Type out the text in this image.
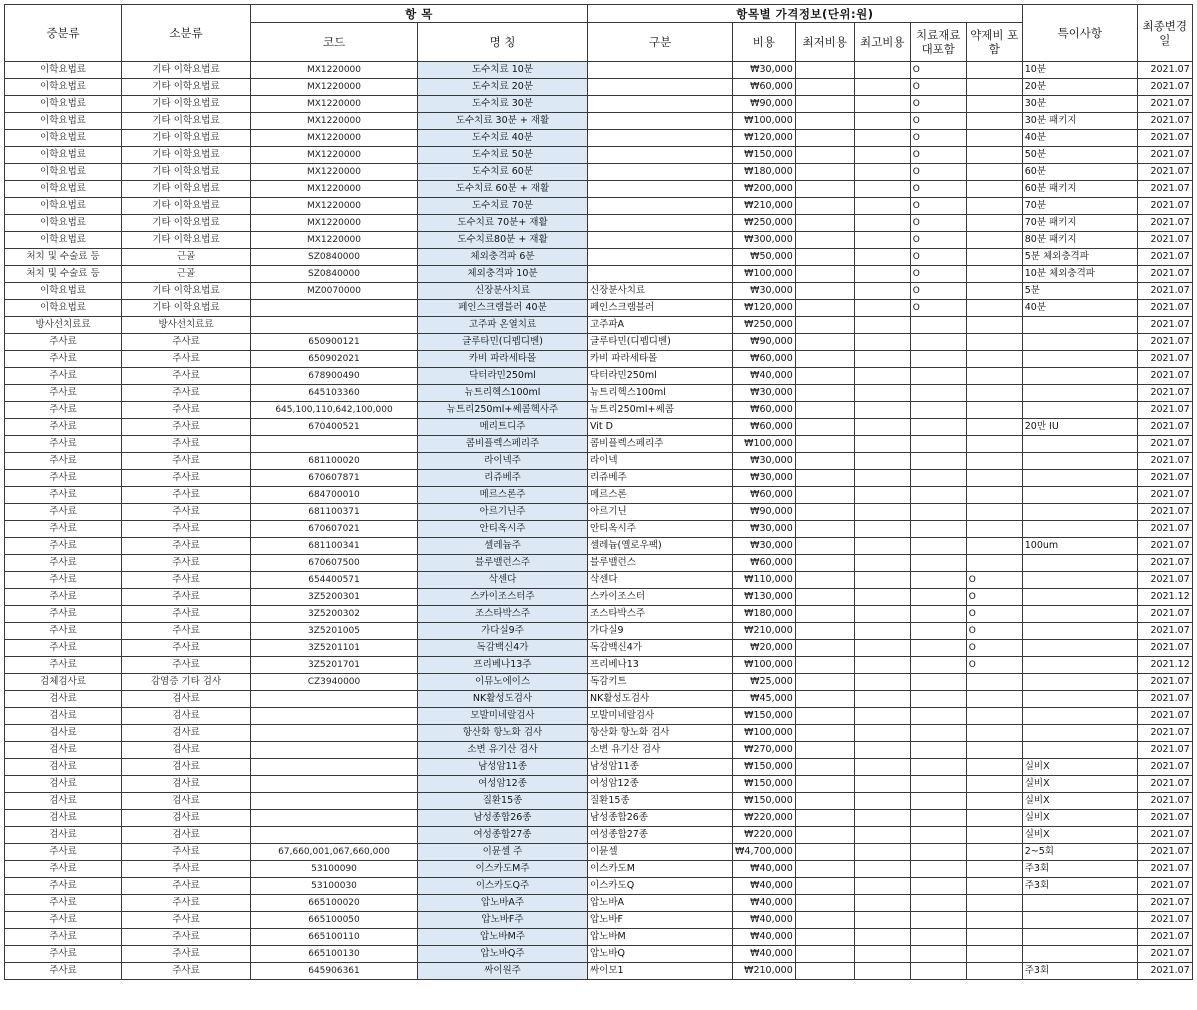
중분류	소분류	항 목		항목별 가격정보(단위:원)						특이사항	최종변경일
		코드	명 칭	구분	비용	최저비용	최고비용	치료재료 대포함	약제비 포함		
이학요법료	기타 이학요법료	MX1220000	도수치료 10분		₩30,000			O		10분	2021.07
이학요법료	기타 이학요법료	MX1220000	도수치료 20분		₩60,000			O		20분	2021.07
이학요법료	기타 이학요법료	MX1220000	도수치료 30분		₩90,000			O		30분	2021.07
이학요법료	기타 이학요법료	MX1220000	도수치료 30분 + 재활		₩100,000			O		30분 패키지	2021.07
이학요법료	기타 이학요법료	MX1220000	도수치료 40분		₩120,000			O		40분	2021.07
이학요법료	기타 이학요법료	MX1220000	도수치료 50분		₩150,000			O		50분	2021.07
이학요법료	기타 이학요법료	MX1220000	도수치료 60분		₩180,000			O		60분	2021.07
이학요법료	기타 이학요법료	MX1220000	도수치료 60분 + 재활		₩200,000			O		60분 패키지	2021.07
이학요법료	기타 이학요법료	MX1220000	도수치료 70분		₩210,000			O		70분	2021.07
이학요법료	기타 이학요법료	MX1220000	도수치료 70분+ 재활		₩250,000			O		70분 패키지	2021.07
이학요법료	기타 이학요법료	MX1220000	도수치료80분 + 재활		₩300,000			O		80분 패키지	2021.07
처치 및 수술료 등	근골	SZ0840000	체외충격파 6분		₩50,000			O		5분 체외충격파	2021.07
처치 및 수술료 등	근골	SZ0840000	체외충격파 10분		₩100,000			O		10분 체외충격파	2021.07
이학요법료	기타 이학요법료	MZ0070000	신장분사치료	신장분사치료	₩30,000			O		5분	2021.07
이학요법료	기타 이학요법료		페인스크램블러 40분	페인스크램블러	₩120,000			O		40분	2021.07
방사선치료료	방사선치료료		고주파 온열치료	고주파A	₩250,000						2021.07
주사료	주사료	650900121	글루타민(디펩디벤)	글루타민(디펩디벤)	₩90,000						2021.07
주사료	주사료	650902021	카비 파라세타몰	카비 파라세타몰	₩60,000						2021.07
주사료	주사료	678900490	닥터라민250ml	닥터라민250ml	₩40,000						2021.07
주사료	주사료	645103360	뉴트리헥스100ml	뉴트리헥스100ml	₩30,000						2021.07
주사료	주사료	645,100,110,642,100,000	뉴트리250ml+쎄콤헥사주	뉴트리250ml+쎄콤	₩60,000						2021.07
주사료	주사료	670400521	메리트디주	Vit D	₩60,000					20만 IU	2021.07
주사료	주사료		콤비플렉스페리주	콤비플렉스페리주	₩100,000						2021.07
주사료	주사료	681100020	라이넥주	라이넥	₩30,000						2021.07
주사료	주사료	670607871	리쥬베주	리쥬베주	₩30,000						2021.07
주사료	주사료	684700010	메르스론주	메르스론	₩60,000						2021.07
주사료	주사료	681100371	아르기닌주	아르기닌	₩90,000						2021.07
주사료	주사료	670607021	안티옥시주	안티옥시주	₩30,000						2021.07
주사료	주사료	681100341	셀레늄주	셀레늄(옐로우팩)	₩30,000					100um	2021.07
주사료	주사료	670607500	블루밸런스주	블루밸런스	₩60,000						2021.07
주사료	주사료	654400571	삭센다	삭센다	₩110,000				O		2021.07
주사료	주사료	3Z5200301	스카이조스터주	스카이조스터	₩130,000				O		2021.12
주사료	주사료	3Z5200302	조스타박스주	조스타박스주	₩180,000				O		2021.07
주사료	주사료	3Z5201005	가다실9주	가다실9	₩210,000				O		2021.07
주사료	주사료	3Z5201101	독감백신4가	독감백신4가	₩20,000				O		2021.07
주사료	주사료	3Z5201701	프리베나13주	프리베나13	₩100,000				O		2021.12
검체검사료	감염증 기타 검사	CZ3940000	이뮤노에이스	독감키트	₩25,000						2021.07
검사료	검사료		NK활성도검사	NK활성도검사	₩45,000						2021.07
검사료	검사료		모발미네랄검사	모발미네랄검사	₩150,000						2021.07
검사료	검사료		항산화 항노화 검사	항산화 항노화 검사	₩100,000						2021.07
검사료	검사료		소변 유기산 검사	소변 유기산 검사	₩270,000						2021.07
검사료	검사료		남성암11종	남성암11종	₩150,000					실비X	2021.07
검사료	검사료		여성암12종	여성암12종	₩150,000					실비X	2021.07
검사료	검사료		질환15종	질환15종	₩150,000					실비X	2021.07
검사료	검사료		남성종합26종	남성종합26종	₩220,000					실비X	2021.07
검사료	검사료		여성종합27종	여성종합27종	₩220,000					실비X	2021.07
주사료	주사료	67,660,001,067,660,000	이뮨셀 주	이뮨셀	₩4,700,000					2~5회	2021.07
주사료	주사료	53100090	이스카도M주	이스카도M	₩40,000					주3회	2021.07
주사료	주사료	53100030	이스카도Q주	이스카도Q	₩40,000					주3회	2021.07
주사료	주사료	665100020	압노바A주	압노바A	₩40,000						2021.07
주사료	주사료	665100050	압노바F주	압노바F	₩40,000						2021.07
주사료	주사료	665100110	압노바M주	압노바M	₩40,000						2021.07
주사료	주사료	665100130	압노바Q주	압노바Q	₩40,000						2021.07
주사료	주사료	645906361	싸이원주	싸이모1	₩210,000					주3회	2021.07
